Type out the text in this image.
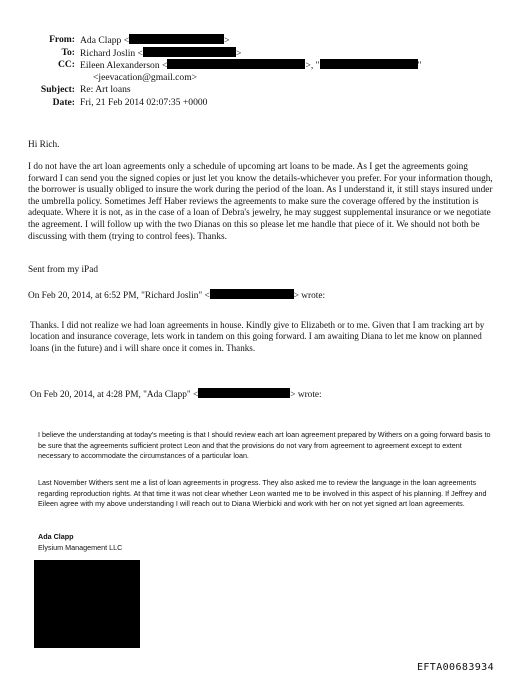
From: Ada Clapp <	>
To: Richard Joslin <	>
CC: Eileen Alexanderson <	>, "	"
<jeevacation@gmail.com>
Subject: Re: Art loans
Date: Fri, 21 Feb 2014 02:07:35 +0000
Hi Rich.
I do not have the art loan agreements only a schedule of upcoming art loans to be made. As I get the agreements going forward I can send you the signed copies or just let you know the details-whichever you prefer. For your information though, the borrower is usually obliged to insure the work during the period of the loan. As I understand it, it still stays insured under the umbrella policy. Sometimes Jeff Haber reviews the agreements to make sure the coverage offered by the institution is adequate. Where it is not, as in the case of a loan of Debra's jewelry, he may suggest supplemental insurance or we negotiate the agreement. I will follow up with the two Dianas on this so please let me handle that piece of it. We should not both be discussing with them (trying to control fees). Thanks.
Sent from my iPad
On Feb 20, 2014, at 6:52 PM, "Richard Joslin" <	> wrote:
Thanks. I did not realize we had loan agreements in house. Kindly give to Elizabeth or to me. Given that I am tracking art by location and insurance coverage, lets work in tandem on this going forward. I am awaiting Diana to let me know on planned loans (in the future) and i will share once it comes in. Thanks.
On Feb 20, 2014, at 4:28 PM, "Ada Clapp" <	> wrote:
I believe the understanding at today's meeting is that I should review each art loan agreement prepared by Withers on a going forward basis to be sure that the agreements sufficient protect Leon and that the provisions do not vary from agreement to agreement except to extent necessary to accommodate the circumstances of a particular loan.
Last November Withers sent me a list of loan agreements in progress. They also asked me to review the language in the loan agreements regarding reproduction rights. At that time it was not clear whether Leon wanted me to be involved in this aspect of his planning. If Jeffrey and Eileen agree with my above understanding I will reach out to Diana Wierbicki and work with her on not yet signed art loan agreements.
Ada Clapp
Elysium Management LLC
EFTA00683934
